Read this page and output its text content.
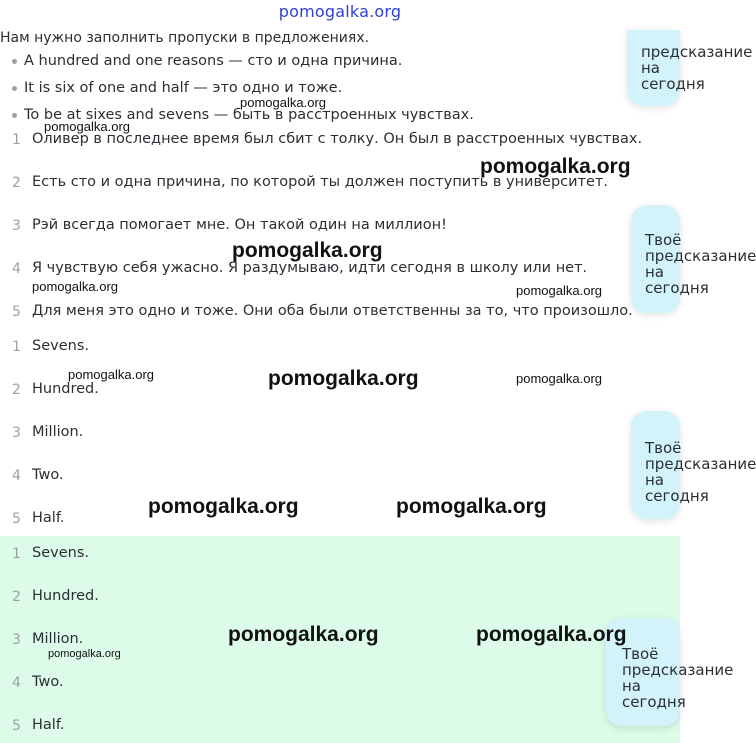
pomogalka.org
Нам нужно заполнить пропуски в предложениях.
A hundred and one reasons — сто и одна причина.
It is six of one and half — это одно и тоже.
To be at sixes and sevens — быть в расстроенных чувствах.
1 Оливер в последнее время был сбит с толку. Он был в расстроенных чувствах.
2 Есть сто и одна причина, по которой ты должен поступить в университет.
3 Рэй всегда помогает мне. Он такой один на миллион!
4 Я чувствую себя ужасно. Я раздумываю, идти сегодня в школу или нет.
5 Для меня это одно и тоже. Они оба были ответственны за то, что произошло.
1 Sevens.
2 Hundred.
3 Million.
4 Two.
5 Half.
1 Sevens.
2 Hundred.
3 Million.
4 Two.
5 Half.
предсказание
на сегодня
Твоё
предсказание
на сегодня
Твоё
предсказание
на сегодня
Твоё
предсказание
на сегодня
pomogalka.org
pomogalka.org
pomogalka.org
pomogalka.org
pomogalka.org	pomogalka.org
pomogalka.org	pomogalka.org	pomogalka.org
pomogalka.org	pomogalka.org
pomogalka.org	pomogalka.org
pomogalka.org
